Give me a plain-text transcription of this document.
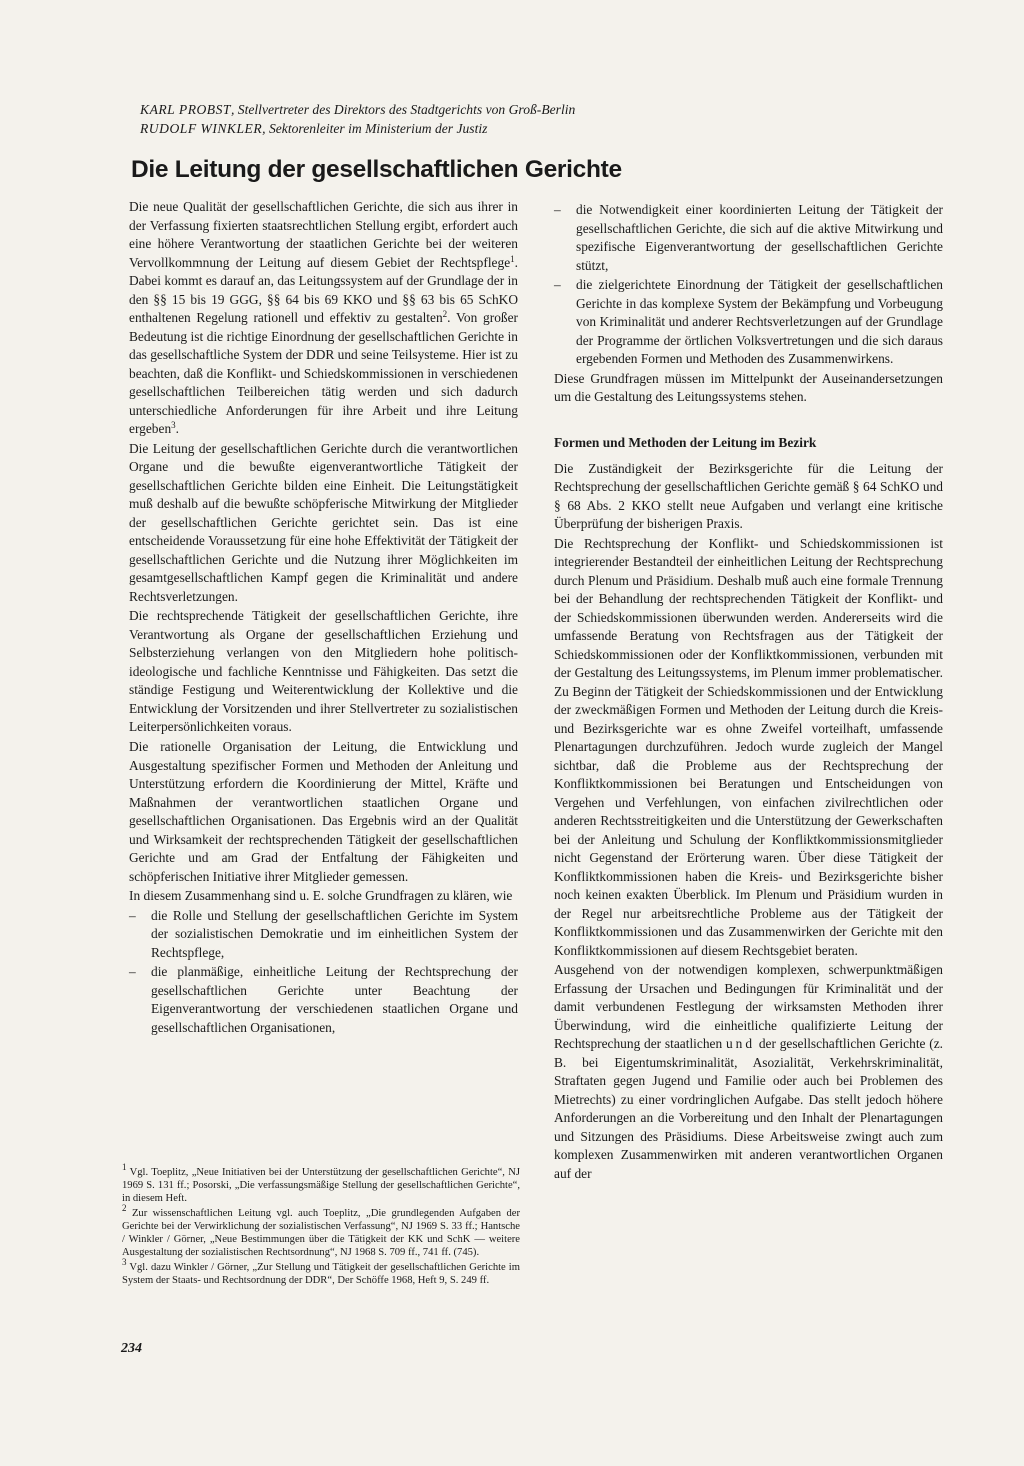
KARL PROBST, Stellvertreter des Direktors des Stadtgerichts von Groß-Berlin

RUDOLF WINKLER, Sektorenleiter im Ministerium der Justiz

Die Leitung der gesellschaftlichen Gerichte

Die neue Qualität der gesellschaftlichen Gerichte, die sich aus ihrer in der Verfassung fixierten staatsrechtlichen Stellung ergibt, erfordert auch eine höhere Verantwortung der staatlichen Gerichte bei der weiteren Vervollkommnung der Leitung auf diesem Gebiet der Rechtspflege$^1$. Dabei kommt es darauf an, das Leitungssystem auf der Grundlage der in den §§ 15 bis 19 GGG, §§ 64 bis 69 KKO und §§ 63 bis 65 SchKO enthaltenen Regelung rationell und effektiv zu gestalten$^2$. Von großer Bedeutung ist die richtige Einordnung der gesellschaftlichen Gerichte in das gesellschaftliche System der DDR und seine Teilsysteme. Hier ist zu beachten, daß die Konflikt- und Schiedskommissionen in verschiedenen gesellschaftlichen Teilbereichen tätig werden und sich dadurch unterschiedliche Anforderungen für ihre Arbeit und ihre Leitung ergeben$^3$.

Die Leitung der gesellschaftlichen Gerichte durch die verantwortlichen Organe und die bewußte eigenverantwortliche Tätigkeit der gesellschaftlichen Gerichte bilden eine Einheit. Die Leitungstätigkeit muß deshalb auf die bewußte schöpferische Mitwirkung der Mitglieder der gesellschaftlichen Gerichte gerichtet sein. Das ist eine entscheidende Voraussetzung für eine hohe Effektivität der Tätigkeit der gesellschaftlichen Gerichte und die Nutzung ihrer Möglichkeiten im gesamtgesellschaftlichen Kampf gegen die Kriminalität und andere Rechtsverletzungen.

Die rechtsprechende Tätigkeit der gesellschaftlichen Gerichte, ihre Verantwortung als Organe der gesellschaftlichen Erziehung und Selbsterziehung verlangen von den Mitgliedern hohe politisch-ideologische und fachliche Kenntnisse und Fähigkeiten. Das setzt die ständige Festigung und Weiterentwicklung der Kollektive und die Entwicklung der Vorsitzenden und ihrer Stellvertreter zu sozialistischen Leiterpersönlichkeiten voraus.

Die rationelle Organisation der Leitung, die Entwicklung und Ausgestaltung spezifischer Formen und Methoden der Anleitung und Unterstützung erfordern die Koordinierung der Mittel, Kräfte und Maßnahmen der verantwortlichen staatlichen Organe und gesellschaftlichen Organisationen. Das Ergebnis wird an der Qualität und Wirksamkeit der rechtsprechenden Tätigkeit der gesellschaftlichen Gerichte und am Grad der Entfaltung der Fähigkeiten und schöpferischen Initiative ihrer Mitglieder gemessen.

In diesem Zusammenhang sind u. E. solche Grundfragen zu klären, wie

– die Rolle und Stellung der gesellschaftlichen Gerichte im System der sozialistischen Demokratie und im einheitlichen System der Rechtspflege,
– die planmäßige, einheitliche Leitung der Rechtsprechung der gesellschaftlichen Gerichte unter Beachtung der Eigenverantwortung der verschiedenen staatlichen Organe und gesellschaftlichen Organisationen,
– die Notwendigkeit einer koordinierten Leitung der Tätigkeit der gesellschaftlichen Gerichte, die sich auf die aktive Mitwirkung und spezifische Eigenverantwortung der gesellschaftlichen Gerichte stützt,
– die zielgerichtete Einordnung der Tätigkeit der gesellschaftlichen Gerichte in das komplexe System der Bekämpfung und Vorbeugung von Kriminalität und anderer Rechtsverletzungen auf der Grundlage der Programme der örtlichen Volksvertretungen und die sich daraus ergebenden Formen und Methoden des Zusammenwirkens.

Diese Grundfragen müssen im Mittelpunkt der Auseinandersetzungen um die Gestaltung des Leitungssystems stehen.

Formen und Methoden der Leitung im Bezirk

Die Zuständigkeit der Bezirksgerichte für die Leitung der Rechtsprechung der gesellschaftlichen Gerichte gemäß § 64 SchKO und § 68 Abs. 2 KKO stellt neue Aufgaben und verlangt eine kritische Überprüfung der bisherigen Praxis.

Die Rechtsprechung der Konflikt- und Schiedskommissionen ist integrierender Bestandteil der einheitlichen Leitung der Rechtsprechung durch Plenum und Präsidium. Deshalb muß auch eine formale Trennung bei der Behandlung der rechtsprechenden Tätigkeit der Konflikt- und der Schiedskommissionen überwunden werden. Andererseits wird die umfassende Beratung von Rechtsfragen aus der Tätigkeit der Schiedskommissionen oder der Konfliktkommissionen, verbunden mit der Gestaltung des Leitungssystems, im Plenum immer problematischer. Zu Beginn der Tätigkeit der Schiedskommissionen und der Entwicklung der zweckmäßigen Formen und Methoden der Leitung durch die Kreis- und Bezirksgerichte war es ohne Zweifel vorteilhaft, umfassende Plenartagungen durchzuführen. Jedoch wurde zugleich der Mangel sichtbar, daß die Probleme aus der Rechtsprechung der Konfliktkommissionen bei Beratungen und Entscheidungen von Vergehen und Verfehlungen, von einfachen zivilrechtlichen oder anderen Rechtsstreitigkeiten und die Unterstützung der Gewerkschaften bei der Anleitung und Schulung der Konfliktkommissionsmitglieder nicht Gegenstand der Erörterung waren. Über diese Tätigkeit der Konfliktkommissionen haben die Kreis- und Bezirksgerichte bisher noch keinen exakten Überblick. Im Plenum und Präsidium wurden in der Regel nur arbeitsrechtliche Probleme aus der Tätigkeit der Konfliktkommissionen und das Zusammenwirken der Gerichte mit den Konfliktkommissionen auf diesem Rechtsgebiet beraten.

Ausgehend von der notwendigen komplexen, schwerpunktmäßigen Erfassung der Ursachen und Bedingungen für Kriminalität und der damit verbundenen Festlegung der wirksamsten Methoden ihrer Überwindung, wird die einheitliche qualifizierte Leitung der Rechtsprechung der staatlichen und der gesellschaftlichen Gerichte (z. B. bei Eigentumskriminalität, Asozialität, Verkehrskriminalität, Straftaten gegen Jugend und Familie oder auch bei Problemen des Mietrechts) zu einer vordringlichen Aufgabe. Das stellt jedoch höhere Anforderungen an die Vorbereitung und den Inhalt der Plenartagungen und Sitzungen des Präsidiums. Diese Arbeitsweise zwingt auch zum komplexen Zusammenwirken mit anderen verantwortlichen Organen auf der

$^1$ Vgl. Toeplitz, „Neue Initiativen bei der Unterstützung der gesellschaftlichen Gerichte“, NJ 1969 S. 131 ff.; Posorski, „Die verfassungsmäßige Stellung der gesellschaftlichen Gerichte“, in diesem Heft.

$^2$ Zur wissenschaftlichen Leitung vgl. auch Toeplitz, „Die grundlegenden Aufgaben der Gerichte bei der Verwirklichung der sozialistischen Verfassung“, NJ 1969 S. 33 ff.; Hantsche / Winkler / Görner, „Neue Bestimmungen über die Tätigkeit der KK und SchK — weitere Ausgestaltung der sozialistischen Rechtsordnung“, NJ 1968 S. 709 ff., 741 ff. (745).

$^3$ Vgl. dazu Winkler / Görner, „Zur Stellung und Tätigkeit der gesellschaftlichen Gerichte im System der Staats- und Rechtsordnung der DDR“, Der Schöffe 1968, Heft 9, S. 249 ff.

234
